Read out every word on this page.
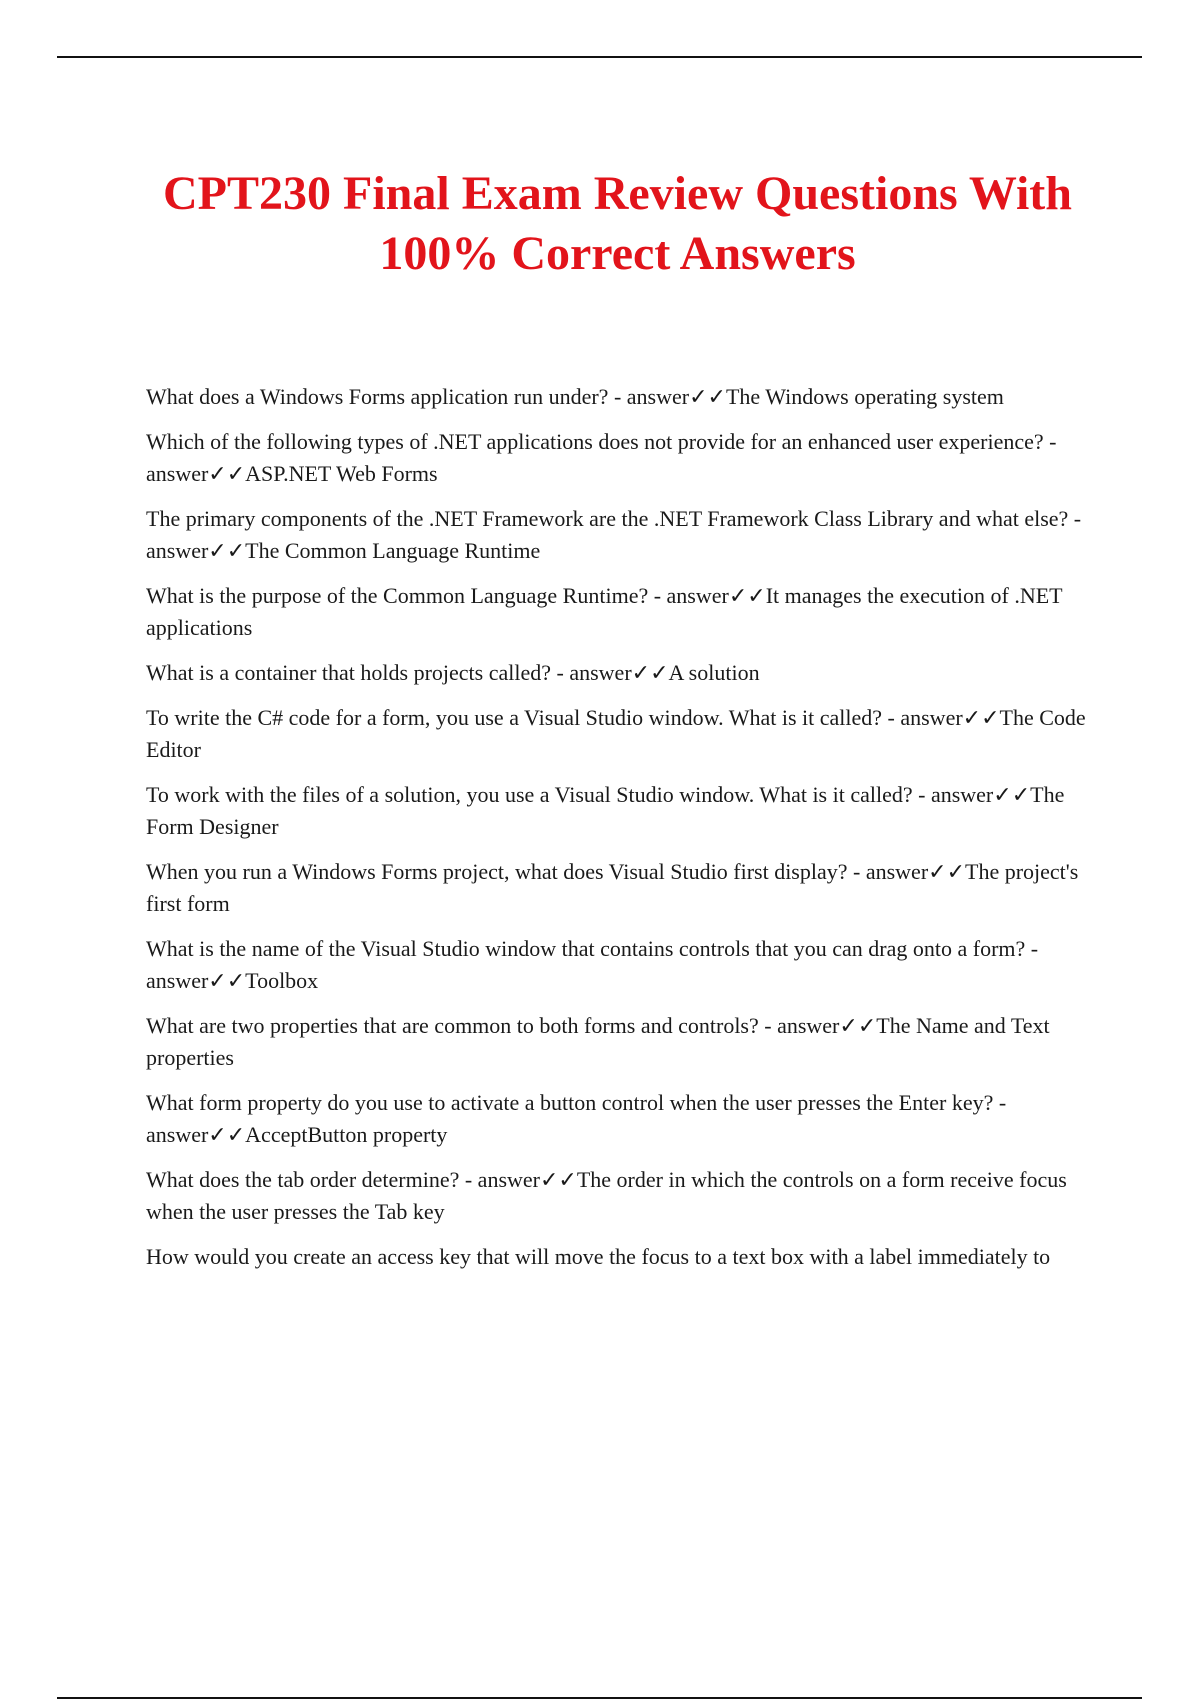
CPT230 Final Exam Review Questions With
100% Correct Answers

What does a Windows Forms application run under? - answer✓✓The Windows operating system

Which of the following types of .NET applications does not provide for an enhanced user experience? - answer✓✓ASP.NET Web Forms

The primary components of the .NET Framework are the .NET Framework Class Library and what else? - answer✓✓The Common Language Runtime

What is the purpose of the Common Language Runtime? - answer✓✓It manages the execution of .NET applications

What is a container that holds projects called? - answer✓✓A solution

To write the C# code for a form, you use a Visual Studio window. What is it called? - answer✓✓The Code Editor

To work with the files of a solution, you use a Visual Studio window. What is it called? - answer✓✓The Form Designer

When you run a Windows Forms project, what does Visual Studio first display? - answer✓✓The project's first form

What is the name of the Visual Studio window that contains controls that you can drag onto a form? - answer✓✓Toolbox

What are two properties that are common to both forms and controls? - answer✓✓The Name and Text properties

What form property do you use to activate a button control when the user presses the Enter key? - answer✓✓AcceptButton property

What does the tab order determine? - answer✓✓The order in which the controls on a form receive focus when the user presses the Tab key

How would you create an access key that will move the focus to a text box with a label immediately to
